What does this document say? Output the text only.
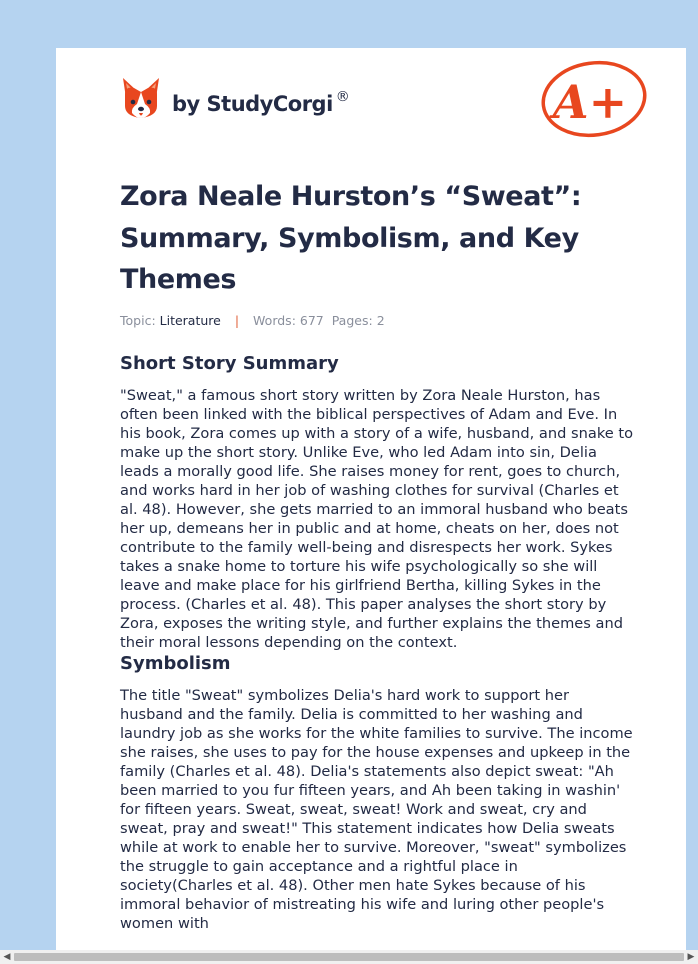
by StudyCorgi ®	A+
Zora Neale Hurston’s “Sweat”: Summary, Symbolism, and Key Themes
Topic: Literature | Words: 677 Pages: 2
Short Story Summary

"Sweat," a famous short story written by Zora Neale Hurston, has often been linked with the biblical perspectives of Adam and Eve. In his book, Zora comes up with a story of a wife, husband, and snake to make up the short story. Unlike Eve, who led Adam into sin, Delia leads a morally good life. She raises money for rent, goes to church, and works hard in her job of washing clothes for survival (Charles et al. 48). However, she gets married to an immoral husband who beats her up, demeans her in public and at home, cheats on her, does not contribute to the family well-being and disrespects her work. Sykes takes a snake home to torture his wife psychologically so she will leave and make place for his girlfriend Bertha, killing Sykes in the process. (Charles et al. 48). This paper analyses the short story by Zora, exposes the writing style, and further explains the themes and their moral lessons depending on the context.

Symbolism

The title "Sweat" symbolizes Delia's hard work to support her husband and the family. Delia is committed to her washing and laundry job as she works for the white families to survive. The income she raises, she uses to pay for the house expenses and upkeep in the family (Charles et al. 48). Delia's statements also depict sweat: "Ah been married to you fur fifteen years, and Ah been taking in washin' for fifteen years. Sweat, sweat, sweat! Work and sweat, cry and sweat, pray and sweat!" This statement indicates how Delia sweats while at work to enable her to survive. Moreover, "sweat" symbolizes the struggle to gain acceptance and a rightful place in society(Charles et al. 48). Other men hate Sykes because of his immoral behavior of mistreating his wife and luring other people's women with

◀	▶
